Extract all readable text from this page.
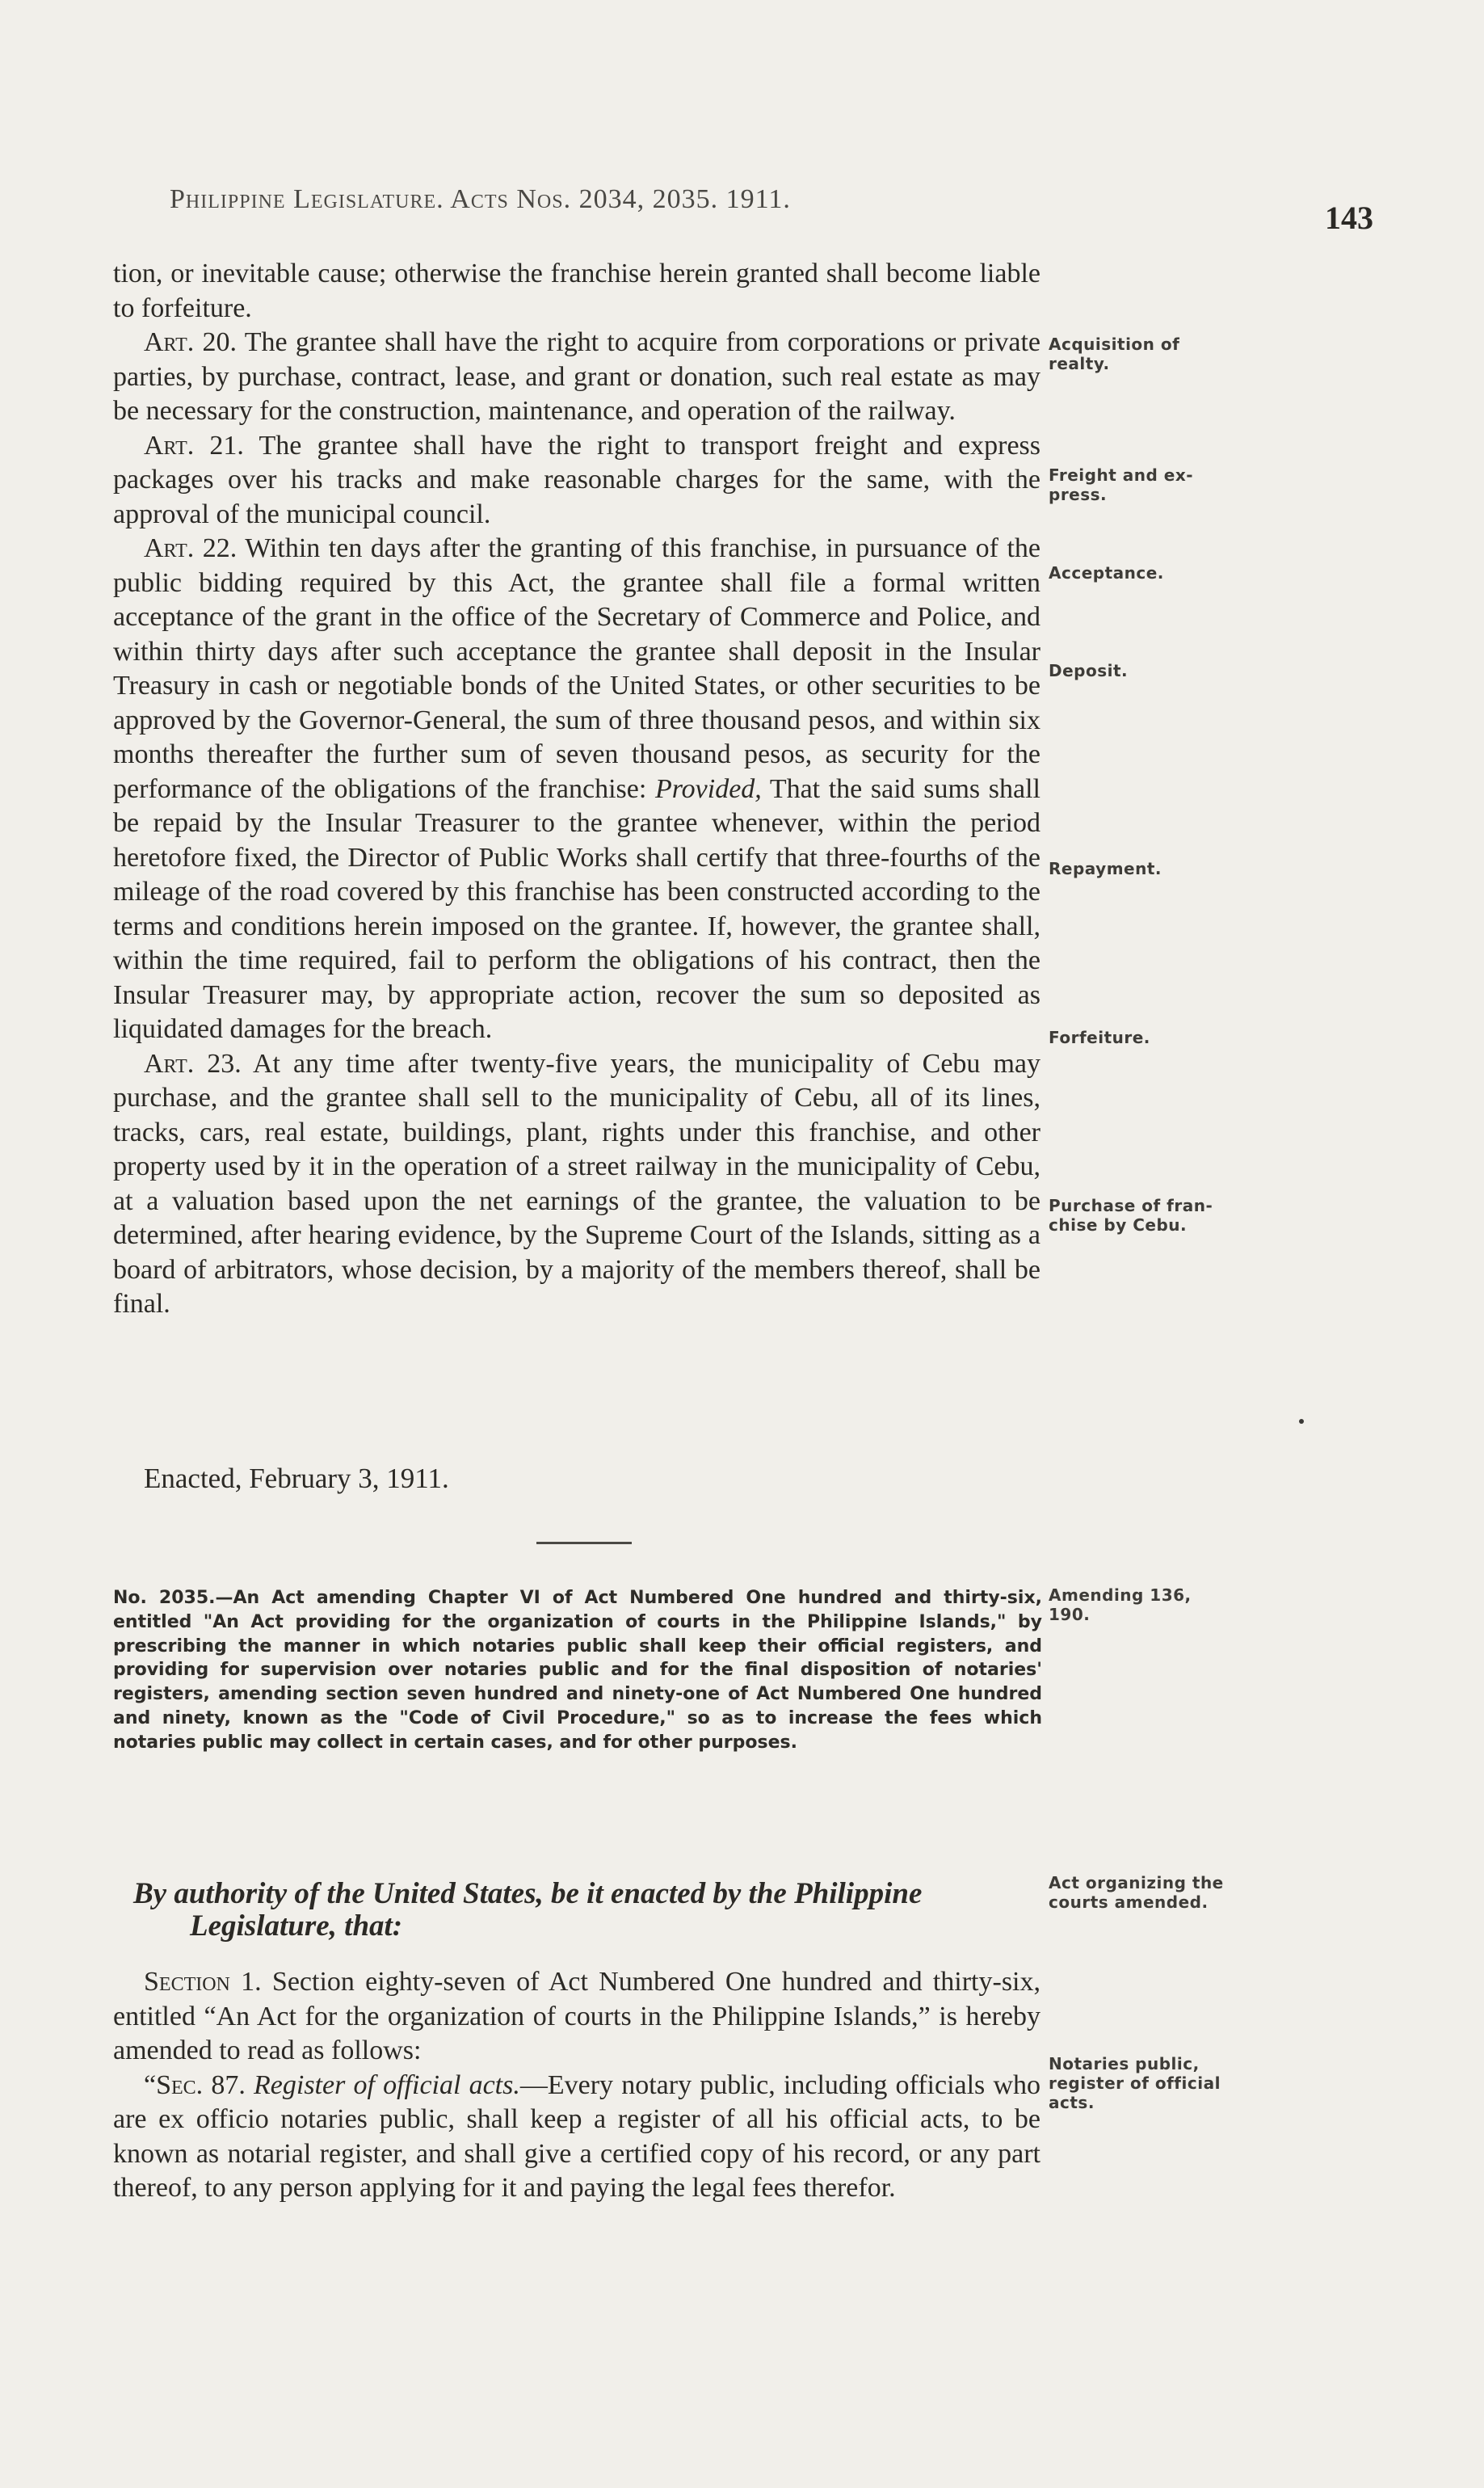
Philippine Legislature. Acts Nos. 2034, 2035. 1911.
143

tion, or inevitable cause; otherwise the franchise herein granted shall become liable to forfeiture.

Art. 20. The grantee shall have the right to acquire from corporations or private parties, by purchase, contract, lease, and grant or donation, such real estate as may be necessary for the construction, maintenance, and operation of the railway.

Art. 21. The grantee shall have the right to transport freight and express packages over his tracks and make reasonable charges for the same, with the approval of the municipal council.

Art. 22. Within ten days after the granting of this franchise, in pursuance of the public bidding required by this Act, the grantee shall file a formal written acceptance of the grant in the office of the Secretary of Commerce and Police, and within thirty days after such acceptance the grantee shall deposit in the Insular Treasury in cash or negotiable bonds of the United States, or other securities to be approved by the Governor-General, the sum of three thousand pesos, and within six months thereafter the further sum of seven thousand pesos, as security for the performance of the obligations of the franchise: Provided, That the said sums shall be repaid by the Insular Treasurer to the grantee whenever, within the period heretofore fixed, the Director of Public Works shall certify that three-fourths of the mileage of the road covered by this franchise has been constructed according to the terms and conditions herein imposed on the grantee. If, however, the grantee shall, within the time required, fail to perform the obligations of his contract, then the Insular Treasurer may, by appropriate action, recover the sum so deposited as liquidated damages for the breach.

Art. 23. At any time after twenty-five years, the municipality of Cebu may purchase, and the grantee shall sell to the municipality of Cebu, all of its lines, tracks, cars, real estate, buildings, plant, rights under this franchise, and other property used by it in the operation of a street railway in the municipality of Cebu, at a valuation based upon the net earnings of the grantee, the valuation to be determined, after hearing evidence, by the Supreme Court of the Islands, sitting as a board of arbitrators, whose decision, by a majority of the members thereof, shall be final.

Enacted, February 3, 1911.
No. 2035.—An Act amending Chapter VI of Act Numbered One hundred and thirty-six, entitled "An Act providing for the organization of courts in the Philippine Islands," by prescribing the manner in which notaries public shall keep their official registers, and providing for supervision over notaries public and for the final disposition of notaries' registers, amending section seven hundred and ninety-one of Act Numbered One hundred and ninety, known as the "Code of Civil Procedure," so as to increase the fees which notaries public may collect in certain cases, and for other purposes.
By authority of the United States, be it enacted by the Philippine
Legislature, that:

Section 1. Section eighty-seven of Act Numbered One hundred and thirty-six, entitled “An Act for the organization of courts in the Philippine Islands,” is hereby amended to read as follows:

“Sec. 87. Register of official acts.—Every notary public, including officials who are ex officio notaries public, shall keep a register of all his official acts, to be known as notarial register, and shall give a certified copy of his record, or any part thereof, to any person applying for it and paying the legal fees therefor.

Acquisition of
realty.
Freight and ex-
press.
Acceptance.
Deposit.
Repayment.
Forfeiture.
Purchase of fran-
chise by Cebu.
Amending 136,
190.
Act organizing the
courts amended.
Notaries public,
register of official
acts.
